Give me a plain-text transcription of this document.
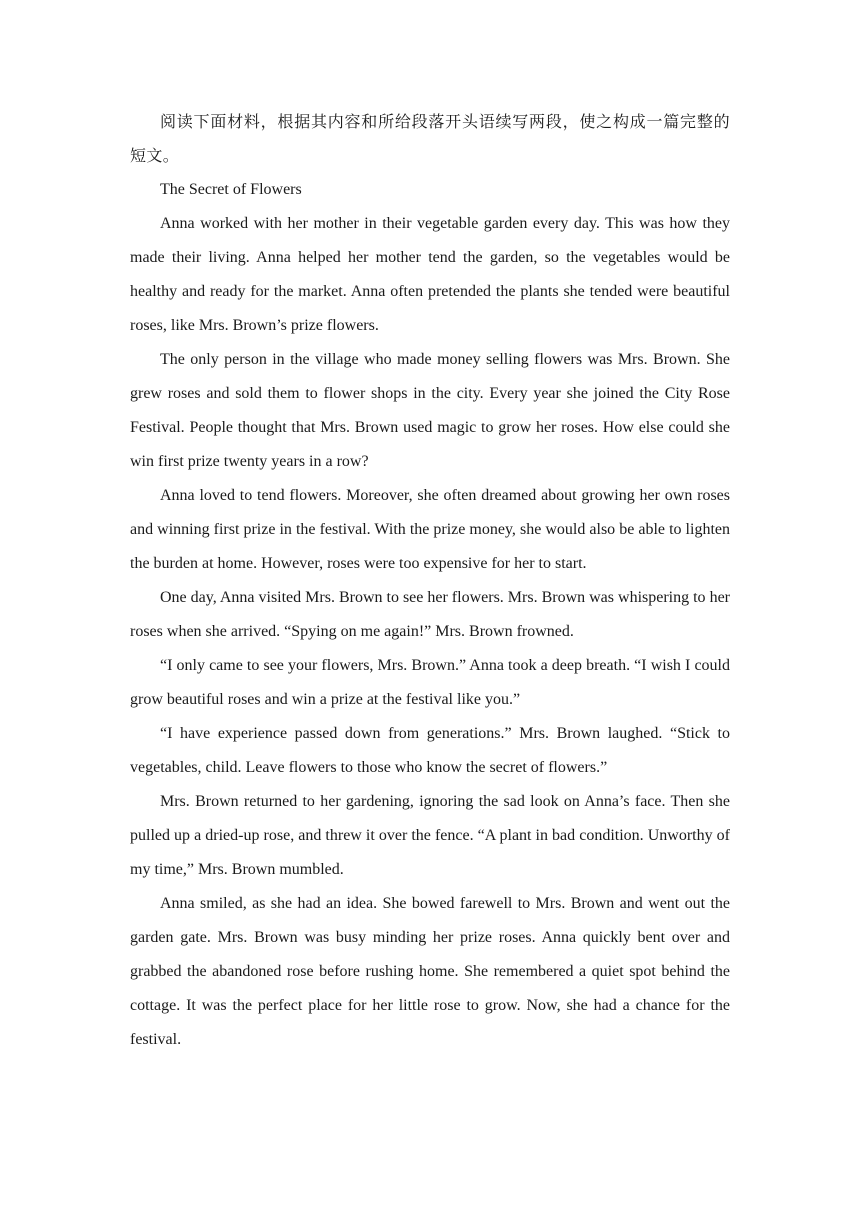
阅读下面材料，根据其内容和所给段落开头语续写两段，使之构成一篇完整的短文。

The Secret of Flowers

Anna worked with her mother in their vegetable garden every day. This was how they made their living. Anna helped her mother tend the garden, so the vegetables would be healthy and ready for the market. Anna often pretended the plants she tended were beautiful roses, like Mrs. Brown’s prize flowers.

The only person in the village who made money selling flowers was Mrs. Brown. She grew roses and sold them to flower shops in the city. Every year she joined the City Rose Festival. People thought that Mrs. Brown used magic to grow her roses. How else could she win first prize twenty years in a row?

Anna loved to tend flowers. Moreover, she often dreamed about growing her own roses and winning first prize in the festival. With the prize money, she would also be able to lighten the burden at home. However, roses were too expensive for her to start.

One day, Anna visited Mrs. Brown to see her flowers. Mrs. Brown was whispering to her roses when she arrived. “Spying on me again!” Mrs. Brown frowned.

“I only came to see your flowers, Mrs. Brown.” Anna took a deep breath. “I wish I could grow beautiful roses and win a prize at the festival like you.”

“I have experience passed down from generations.” Mrs. Brown laughed. “Stick to vegetables, child. Leave flowers to those who know the secret of flowers.”

Mrs. Brown returned to her gardening, ignoring the sad look on Anna’s face. Then she pulled up a dried-up rose, and threw it over the fence. “A plant in bad condition. Unworthy of my time,” Mrs. Brown mumbled.

Anna smiled, as she had an idea. She bowed farewell to Mrs. Brown and went out the garden gate. Mrs. Brown was busy minding her prize roses. Anna quickly bent over and grabbed the abandoned rose before rushing home. She remembered a quiet spot behind the cottage. It was the perfect place for her little rose to grow. Now, she had a chance for the festival.
